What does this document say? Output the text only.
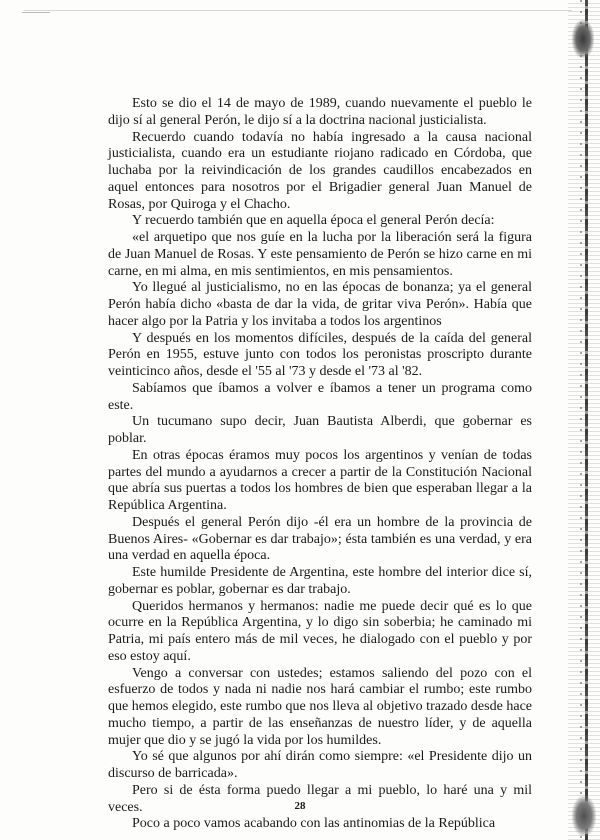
Esto se dio el 14 de mayo de 1989, cuando nuevamente el pueblo le dijo sí al general Perón, le dijo sí a la doctrina nacional justicialista.

Recuerdo cuando todavía no había ingresado a la causa nacional justicialista, cuando era un estudiante riojano radicado en Córdoba, que luchaba por la reivindicación de los grandes caudillos encabezados en aquel entonces para nosotros por el Brigadier general Juan Manuel de Rosas, por Quiroga y el Chacho.

Y recuerdo también que en aquella época el general Perón decía:

«el arquetipo que nos guíe en la lucha por la liberación será la figura de Juan Manuel de Rosas. Y este pensamiento de Perón se hizo carne en mi carne, en mi alma, en mis sentimientos, en mis pensamientos.

Yo llegué al justicialismo, no en las épocas de bonanza; ya el general Perón había dicho «basta de dar la vida, de gritar viva Perón». Había que hacer algo por la Patria y los invitaba a todos los argentinos

Y después en los momentos difíciles, después de la caída del general Perón en 1955, estuve junto con todos los peronistas proscripto durante veinticinco años, desde el '55 al '73 y desde el '73 al '82.

Sabíamos que íbamos a volver e íbamos a tener un programa como este.

Un tucumano supo decir, Juan Bautista Alberdi, que gobernar es poblar.

En otras épocas éramos muy pocos los argentinos y venían de todas partes del mundo a ayudarnos a crecer a partir de la Constitución Nacional que abría sus puertas a todos los hombres de bien que esperaban llegar a la República Argentina.

Después el general Perón dijo -él era un hombre de la provincia de Buenos Aires- «Gobernar es dar trabajo»; ésta también es una verdad, y era una verdad en aquella época.

Este humilde Presidente de Argentina, este hombre del interior dice sí, gobernar es poblar, gobernar es dar trabajo.

Queridos hermanos y hermanos: nadie me puede decir qué es lo que ocurre en la República Argentina, y lo digo sin soberbia; he caminado mi Patria, mi país entero más de mil veces, he dialogado con el pueblo y por eso estoy aquí.

Vengo a conversar con ustedes; estamos saliendo del pozo con el esfuerzo de todos y nada ni nadie nos hará cambiar el rumbo; este rumbo que hemos elegido, este rumbo que nos lleva al objetivo trazado desde hace mucho tiempo, a partir de las enseñanzas de nuestro líder, y de aquella mujer que dio y se jugó la vida por los humildes.

Yo sé que algunos por ahí dirán como siempre: «el Presidente dijo un discurso de barricada».

Pero si de ésta forma puedo llegar a mi pueblo, lo haré una y mil veces.

Poco a poco vamos acabando con las antinomias de la República

28
